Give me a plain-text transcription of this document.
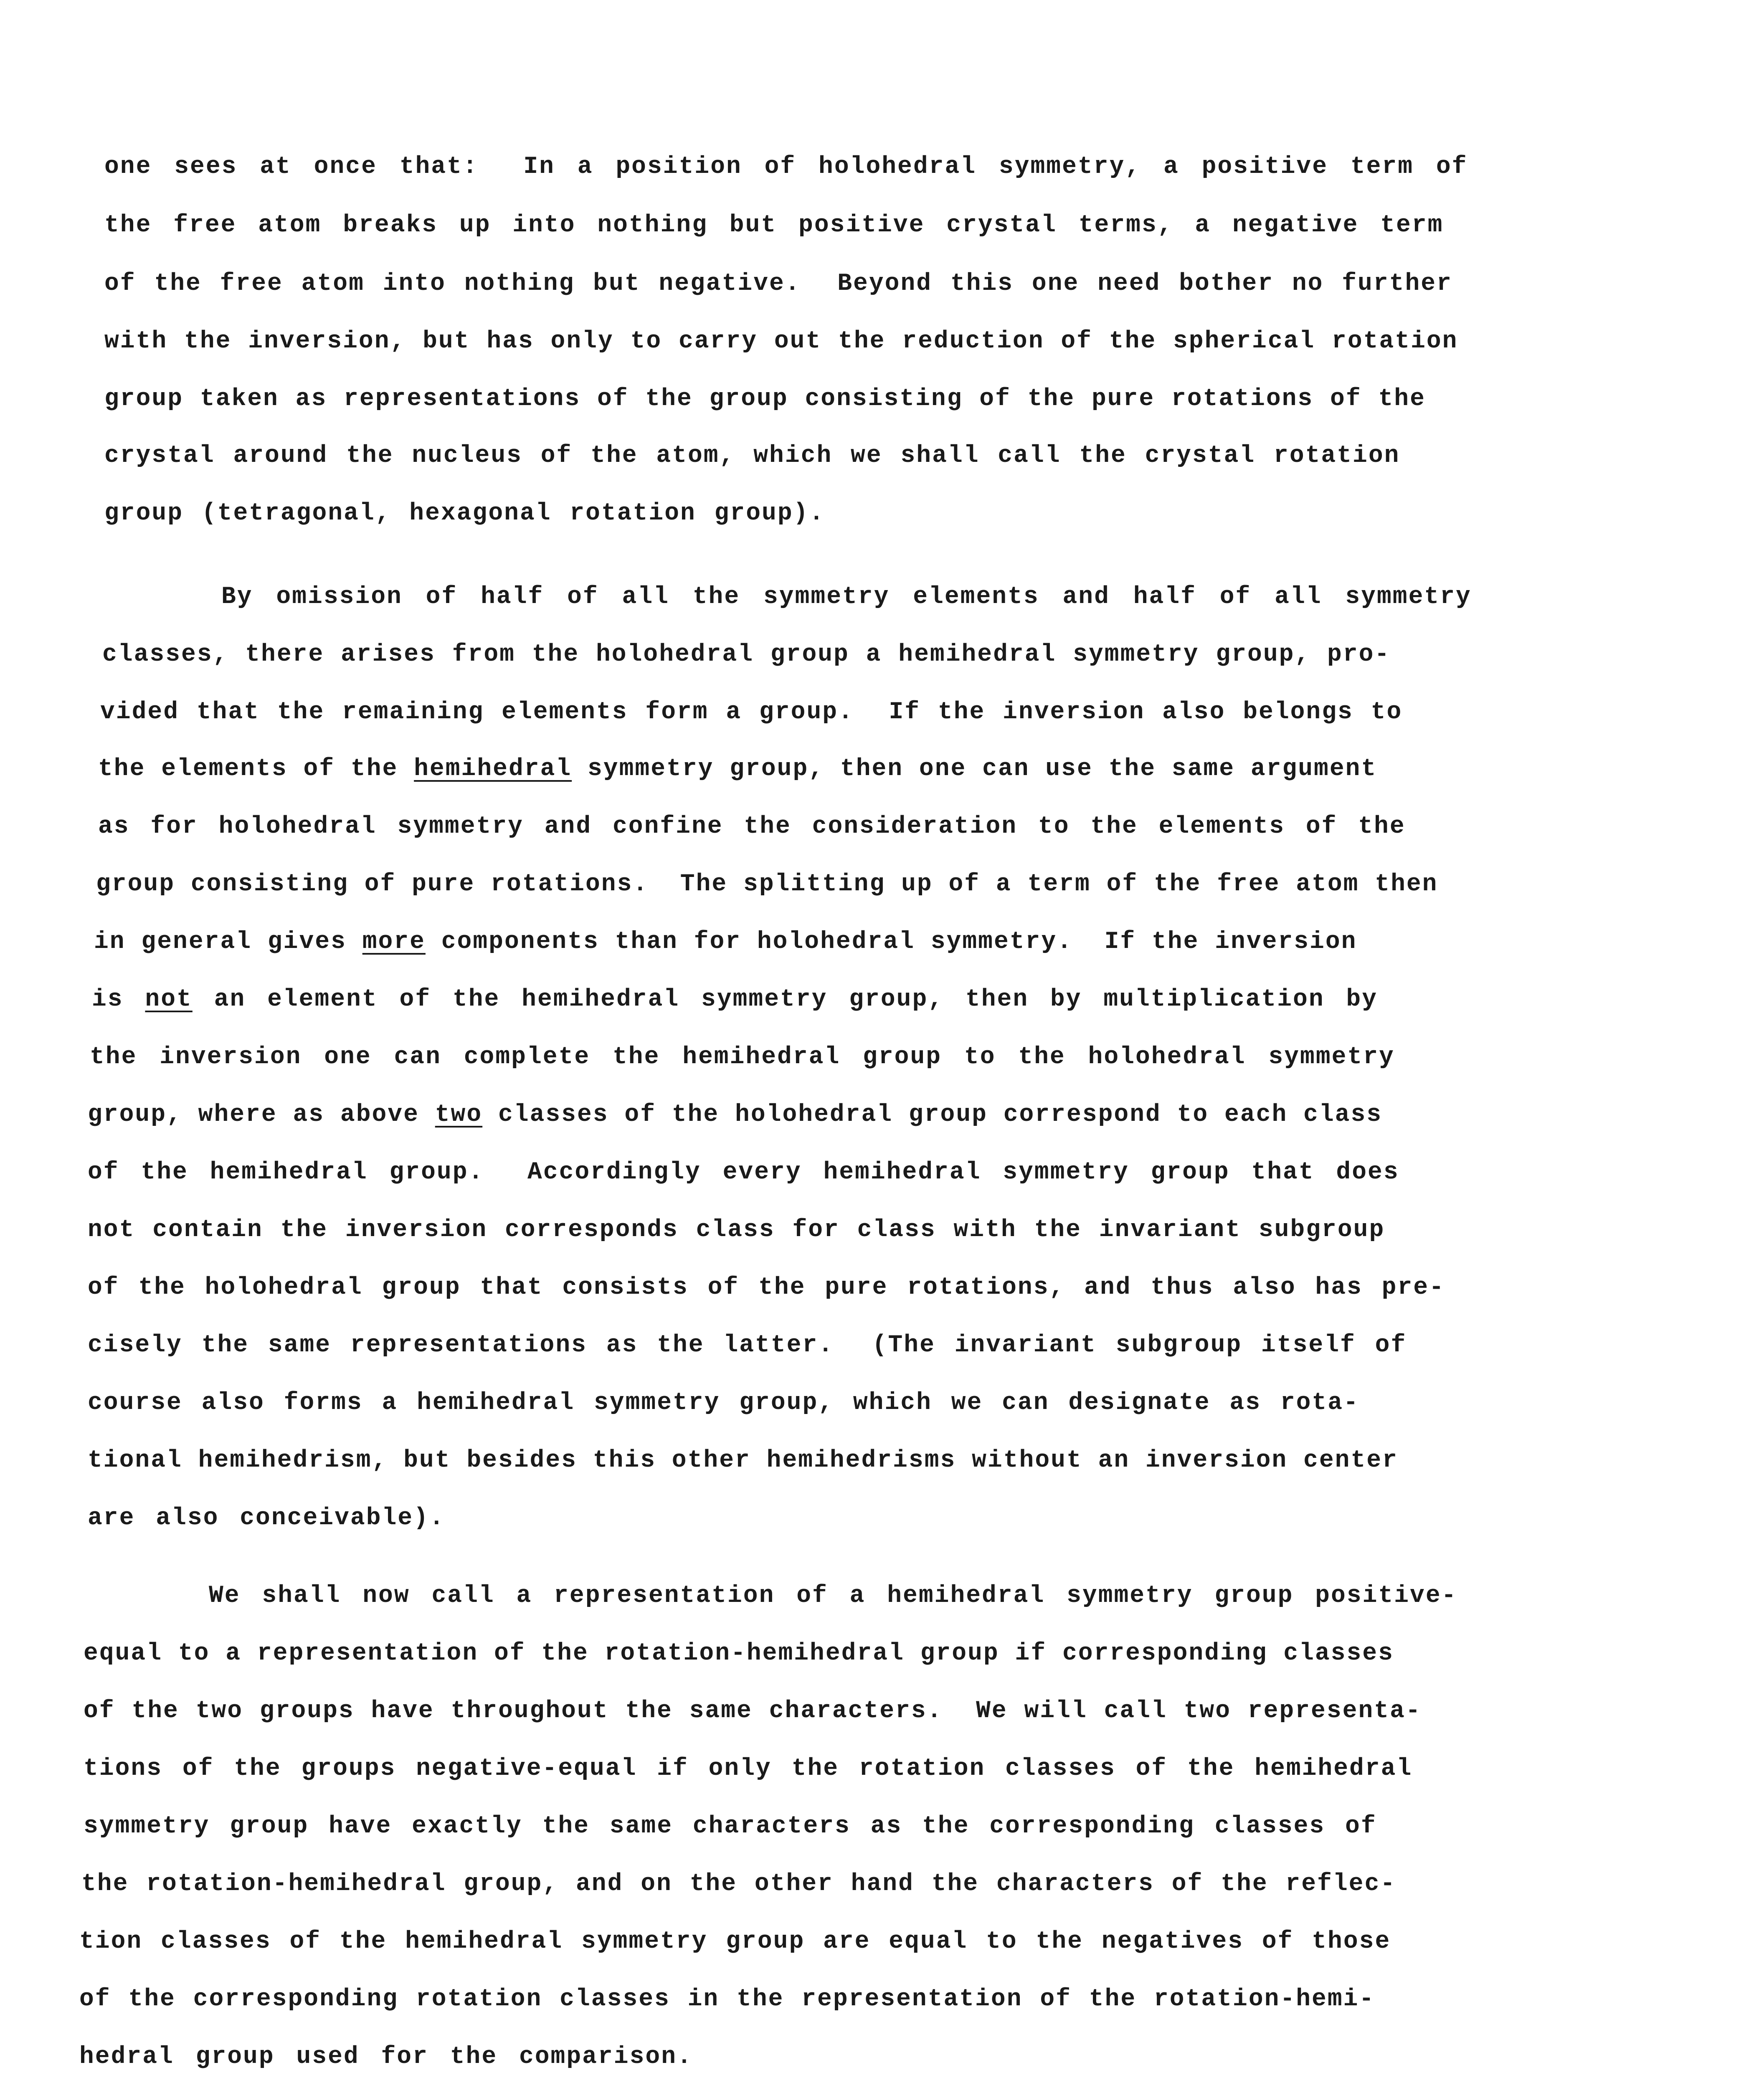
one sees at once that:  In a position of holohedral symmetry, a positive term of
the free atom breaks up into nothing but positive crystal terms, a negative term
of the free atom into nothing but negative.  Beyond this one need bother no further
with the inversion, but has only to carry out the reduction of the spherical rotation
group taken as representations of the group consisting of the pure rotations of the
crystal around the nucleus of the atom, which we shall call the crystal rotation
group (tetragonal, hexagonal rotation group).
By omission of half of all the symmetry elements and half of all symmetry
classes, there arises from the holohedral group a hemihedral symmetry group, pro-
vided that the remaining elements form a group.  If the inversion also belongs to
the elements of the hemihedral symmetry group, then one can use the same argument
as for holohedral symmetry and confine the consideration to the elements of the
group consisting of pure rotations.  The splitting up of a term of the free atom then
in general gives more components than for holohedral symmetry.  If the inversion
is not an element of the hemihedral symmetry group, then by multiplication by
the inversion one can complete the hemihedral group to the holohedral symmetry
group, where as above two classes of the holohedral group correspond to each class
of the hemihedral group.  Accordingly every hemihedral symmetry group that does
not contain the inversion corresponds class for class with the invariant subgroup
of the holohedral group that consists of the pure rotations, and thus also has pre-
cisely the same representations as the latter.  (The invariant subgroup itself of
course also forms a hemihedral symmetry group, which we can designate as rota-
tional hemihedrism, but besides this other hemihedrisms without an inversion center
are also conceivable).
We shall now call a representation of a hemihedral symmetry group positive-
equal to a representation of the rotation-hemihedral group if corresponding classes
of the two groups have throughout the same characters.  We will call two representa-
tions of the groups negative-equal if only the rotation classes of the hemihedral
symmetry group have exactly the same characters as the corresponding classes of
the rotation-hemihedral group, and on the other hand the characters of the reflec-
tion classes of the hemihedral symmetry group are equal to the negatives of those
of the corresponding rotation classes in the representation of the rotation-hemi-
hedral group used for the comparison.
